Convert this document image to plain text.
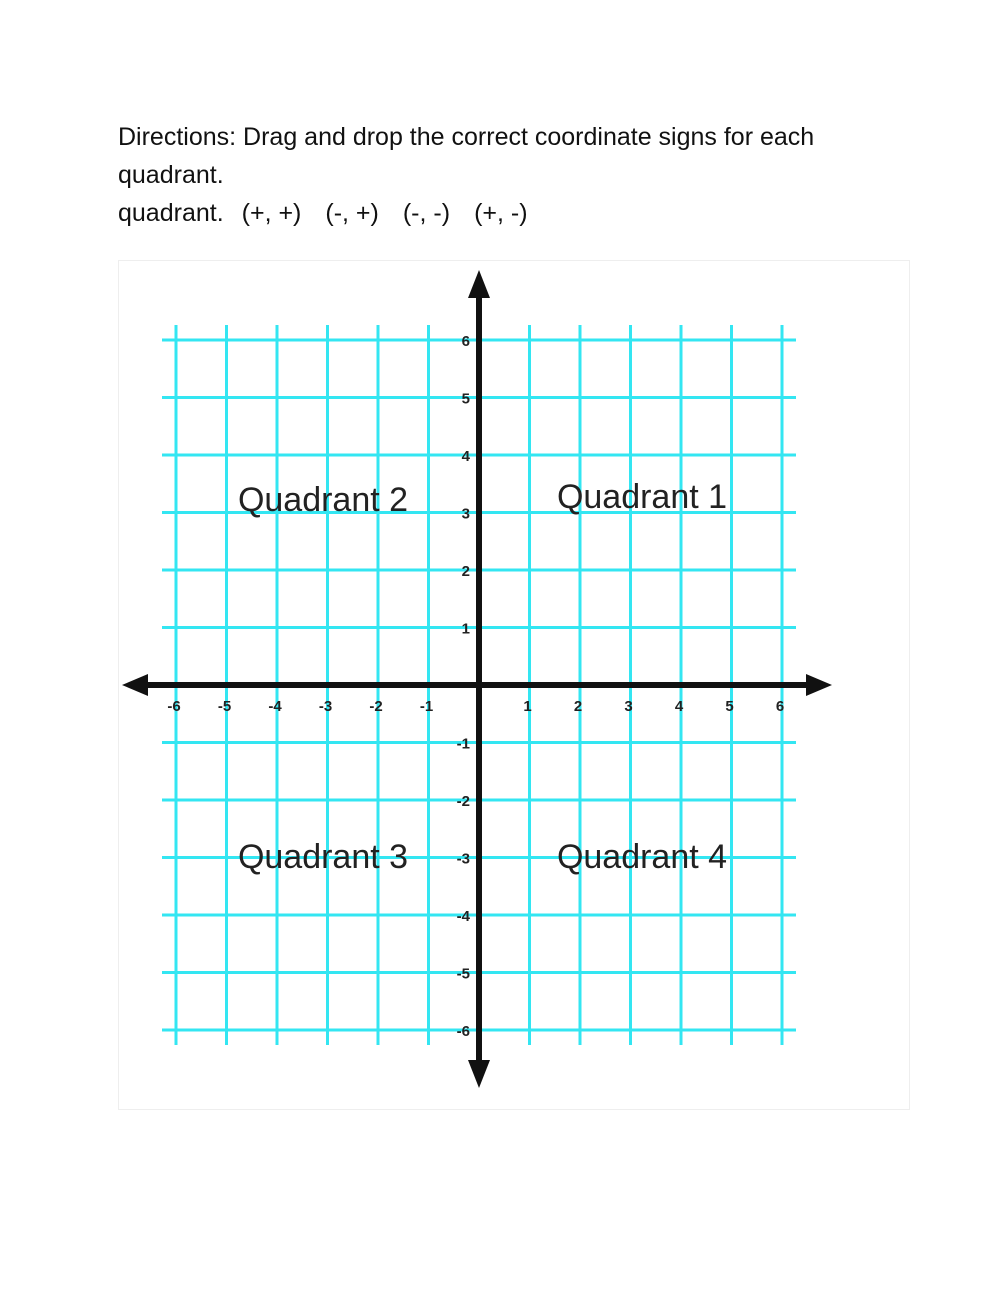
Directions: Drag and drop the correct coordinate signs for each quadrant.
quadrant. (+, +) (-, +) (-, -) (+, -)

-6 -5 -4 -3 -2 -1	1	2	3	4	5	6
6
5
4
3
2
1
-1
-2
-3
-4
-5
-6
Quadrant 2	Quadrant 1
Quadrant 3	Quadrant 4
